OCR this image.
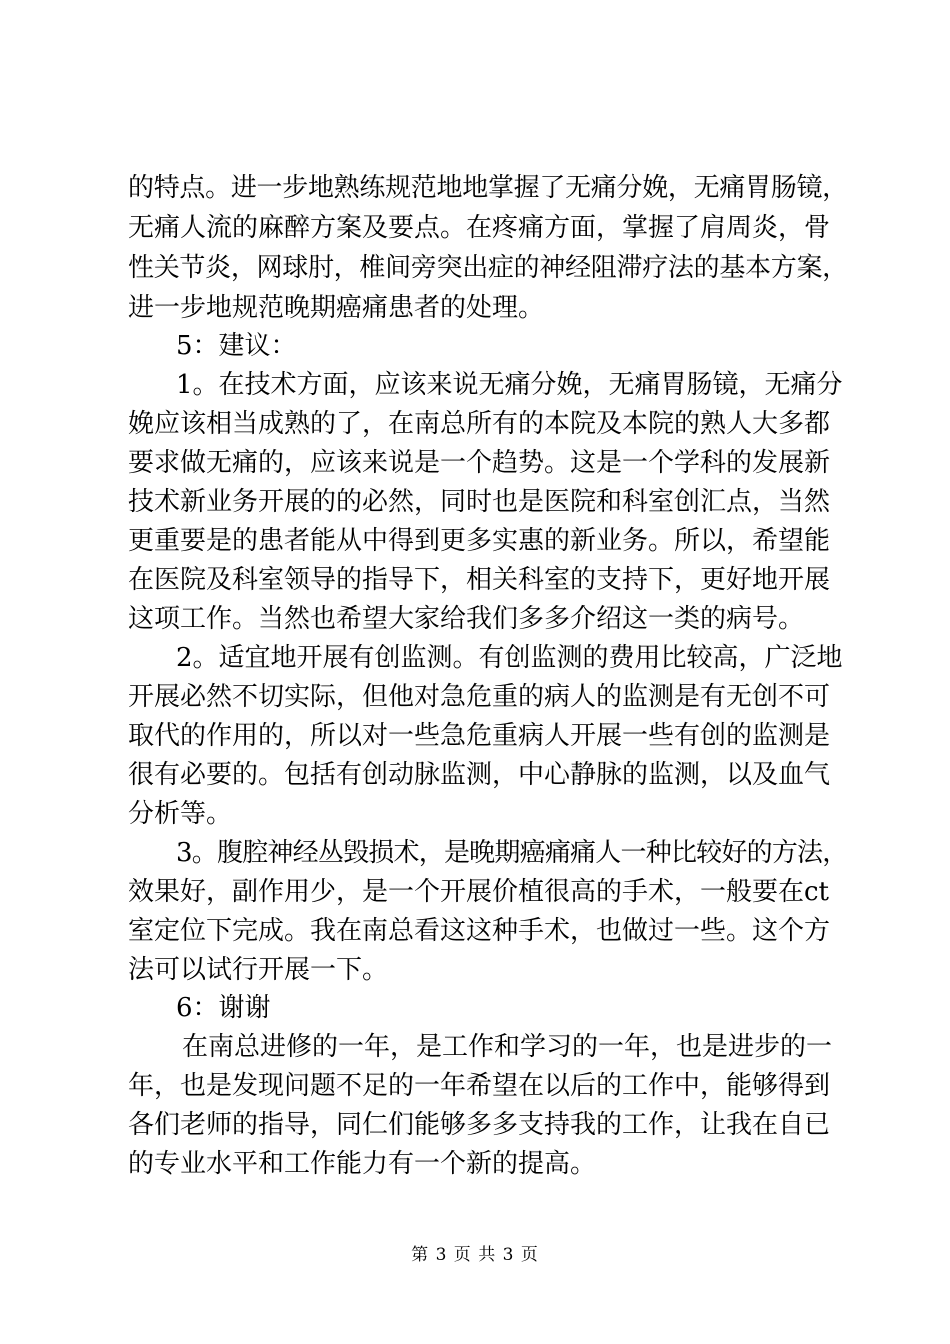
的特点。进一步地熟练规范地地掌握了无痛分娩，无痛胃肠镜，
无痛人流的麻醉方案及要点。在疼痛方面，掌握了肩周炎，骨
性关节炎，网球肘，椎间旁突出症的神经阻滞疗法的基本方案，
进一步地规范晚期癌痛患者的处理。
5：建议：
1。在技术方面，应该来说无痛分娩，无痛胃肠镜，无痛分
娩应该相当成熟的了，在南总所有的本院及本院的熟人大多都
要求做无痛的，应该来说是一个趋势。这是一个学科的发展新
技术新业务开展的的必然，同时也是医院和科室创汇点，当然
更重要是的患者能从中得到更多实惠的新业务。所以，希望能
在医院及科室领导的指导下，相关科室的支持下，更好地开展
这项工作。当然也希望大家给我们多多介绍这一类的病号。
2。适宜地开展有创监测。有创监测的费用比较高，广泛地
开展必然不切实际，但他对急危重的病人的监测是有无创不可
取代的作用的，所以对一些急危重病人开展一些有创的监测是
很有必要的。包括有创动脉监测，中心静脉的监测，以及血气
分析等。
3。腹腔神经丛毁损术，是晚期癌痛痛人一种比较好的方法，
效果好，副作用少，是一个开展价植很高的手术，一般要在ct
室定位下完成。我在南总看这这种手术，也做过一些。这个方
法可以试行开展一下。
6：谢谢
在南总进修的一年，是工作和学习的一年，也是进步的一
年，也是发现问题不足的一年希望在以后的工作中，能够得到
各们老师的指导，同仁们能够多多支持我的工作，让我在自已
的专业水平和工作能力有一个新的提高。
第 3 页 共 3 页
